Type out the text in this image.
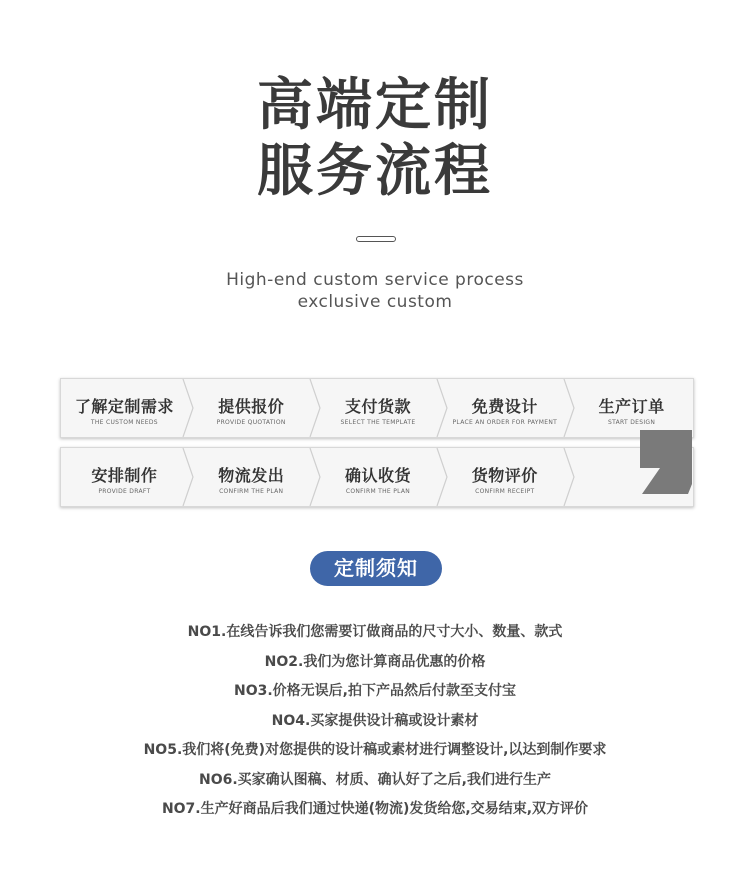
高端定制
服务流程
High-end custom service process
exclusive custom
了解定制需求
THE CUSTOM NEEDS
提供报价
PROVIDE QUOTATION
支付货款
SELECT THE TEMPLATE
免费设计
PLACE AN ORDER FOR PAYMENT
生产订单
START DESIGN
安排制作
PROVIDE DRAFT
物流发出
CONFIRM THE PLAN
确认收货
CONFIRM THE PLAN
货物评价
CONFIRM RECEIPT
定制须知
NO1.在线告诉我们您需要订做商品的尺寸大小、数量、款式
NO2.我们为您计算商品优惠的价格
NO3.价格无误后,拍下产品然后付款至支付宝
NO4.买家提供设计稿或设计素材
NO5.我们将(免费)对您提供的设计稿或素材进行调整设计,以达到制作要求
NO6.买家确认图稿、材质、确认好了之后,我们进行生产
NO7.生产好商品后我们通过快递(物流)发货给您,交易结束,双方评价
